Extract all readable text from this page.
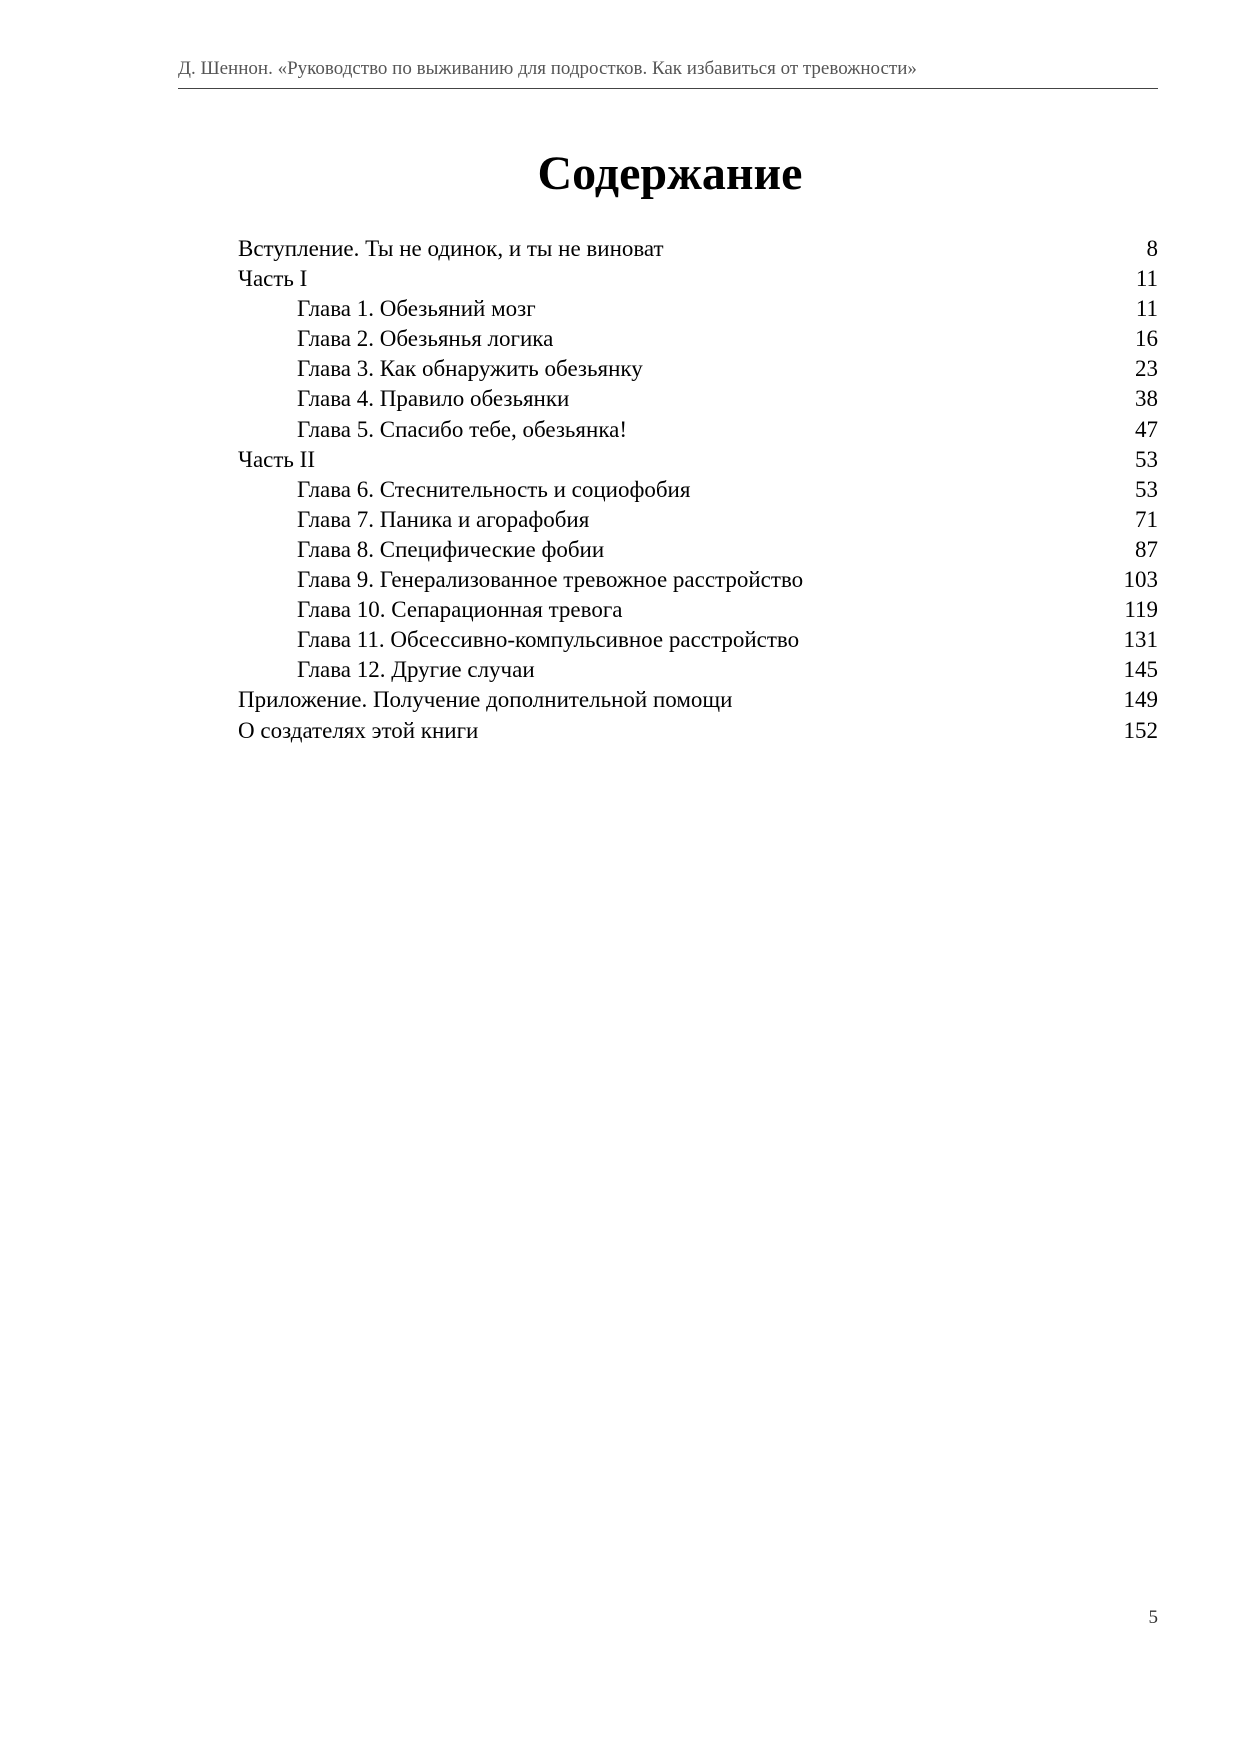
Д. Шеннон. «Руководство по выживанию для подростков. Как избавиться от тревожности»
Содержание
Вступление. Ты не одинок, и ты не виноват	8
Часть I	11
Глава 1. Обезьяний мозг	11
Глава 2. Обезьянья логика	16
Глава 3. Как обнаружить обезьянку	23
Глава 4. Правило обезьянки	38
Глава 5. Спасибо тебе, обезьянка!	47
Часть II	53
Глава 6. Стеснительность и социофобия	53
Глава 7. Паника и агорафобия	71
Глава 8. Специфические фобии	87
Глава 9. Генерализованное тревожное расстройство	103
Глава 10. Сепарационная тревога	119
Глава 11. Обсессивно-компульсивное расстройство	131
Глава 12. Другие случаи	145
Приложение. Получение дополнительной помощи	149
О создателях этой книги	152
5
